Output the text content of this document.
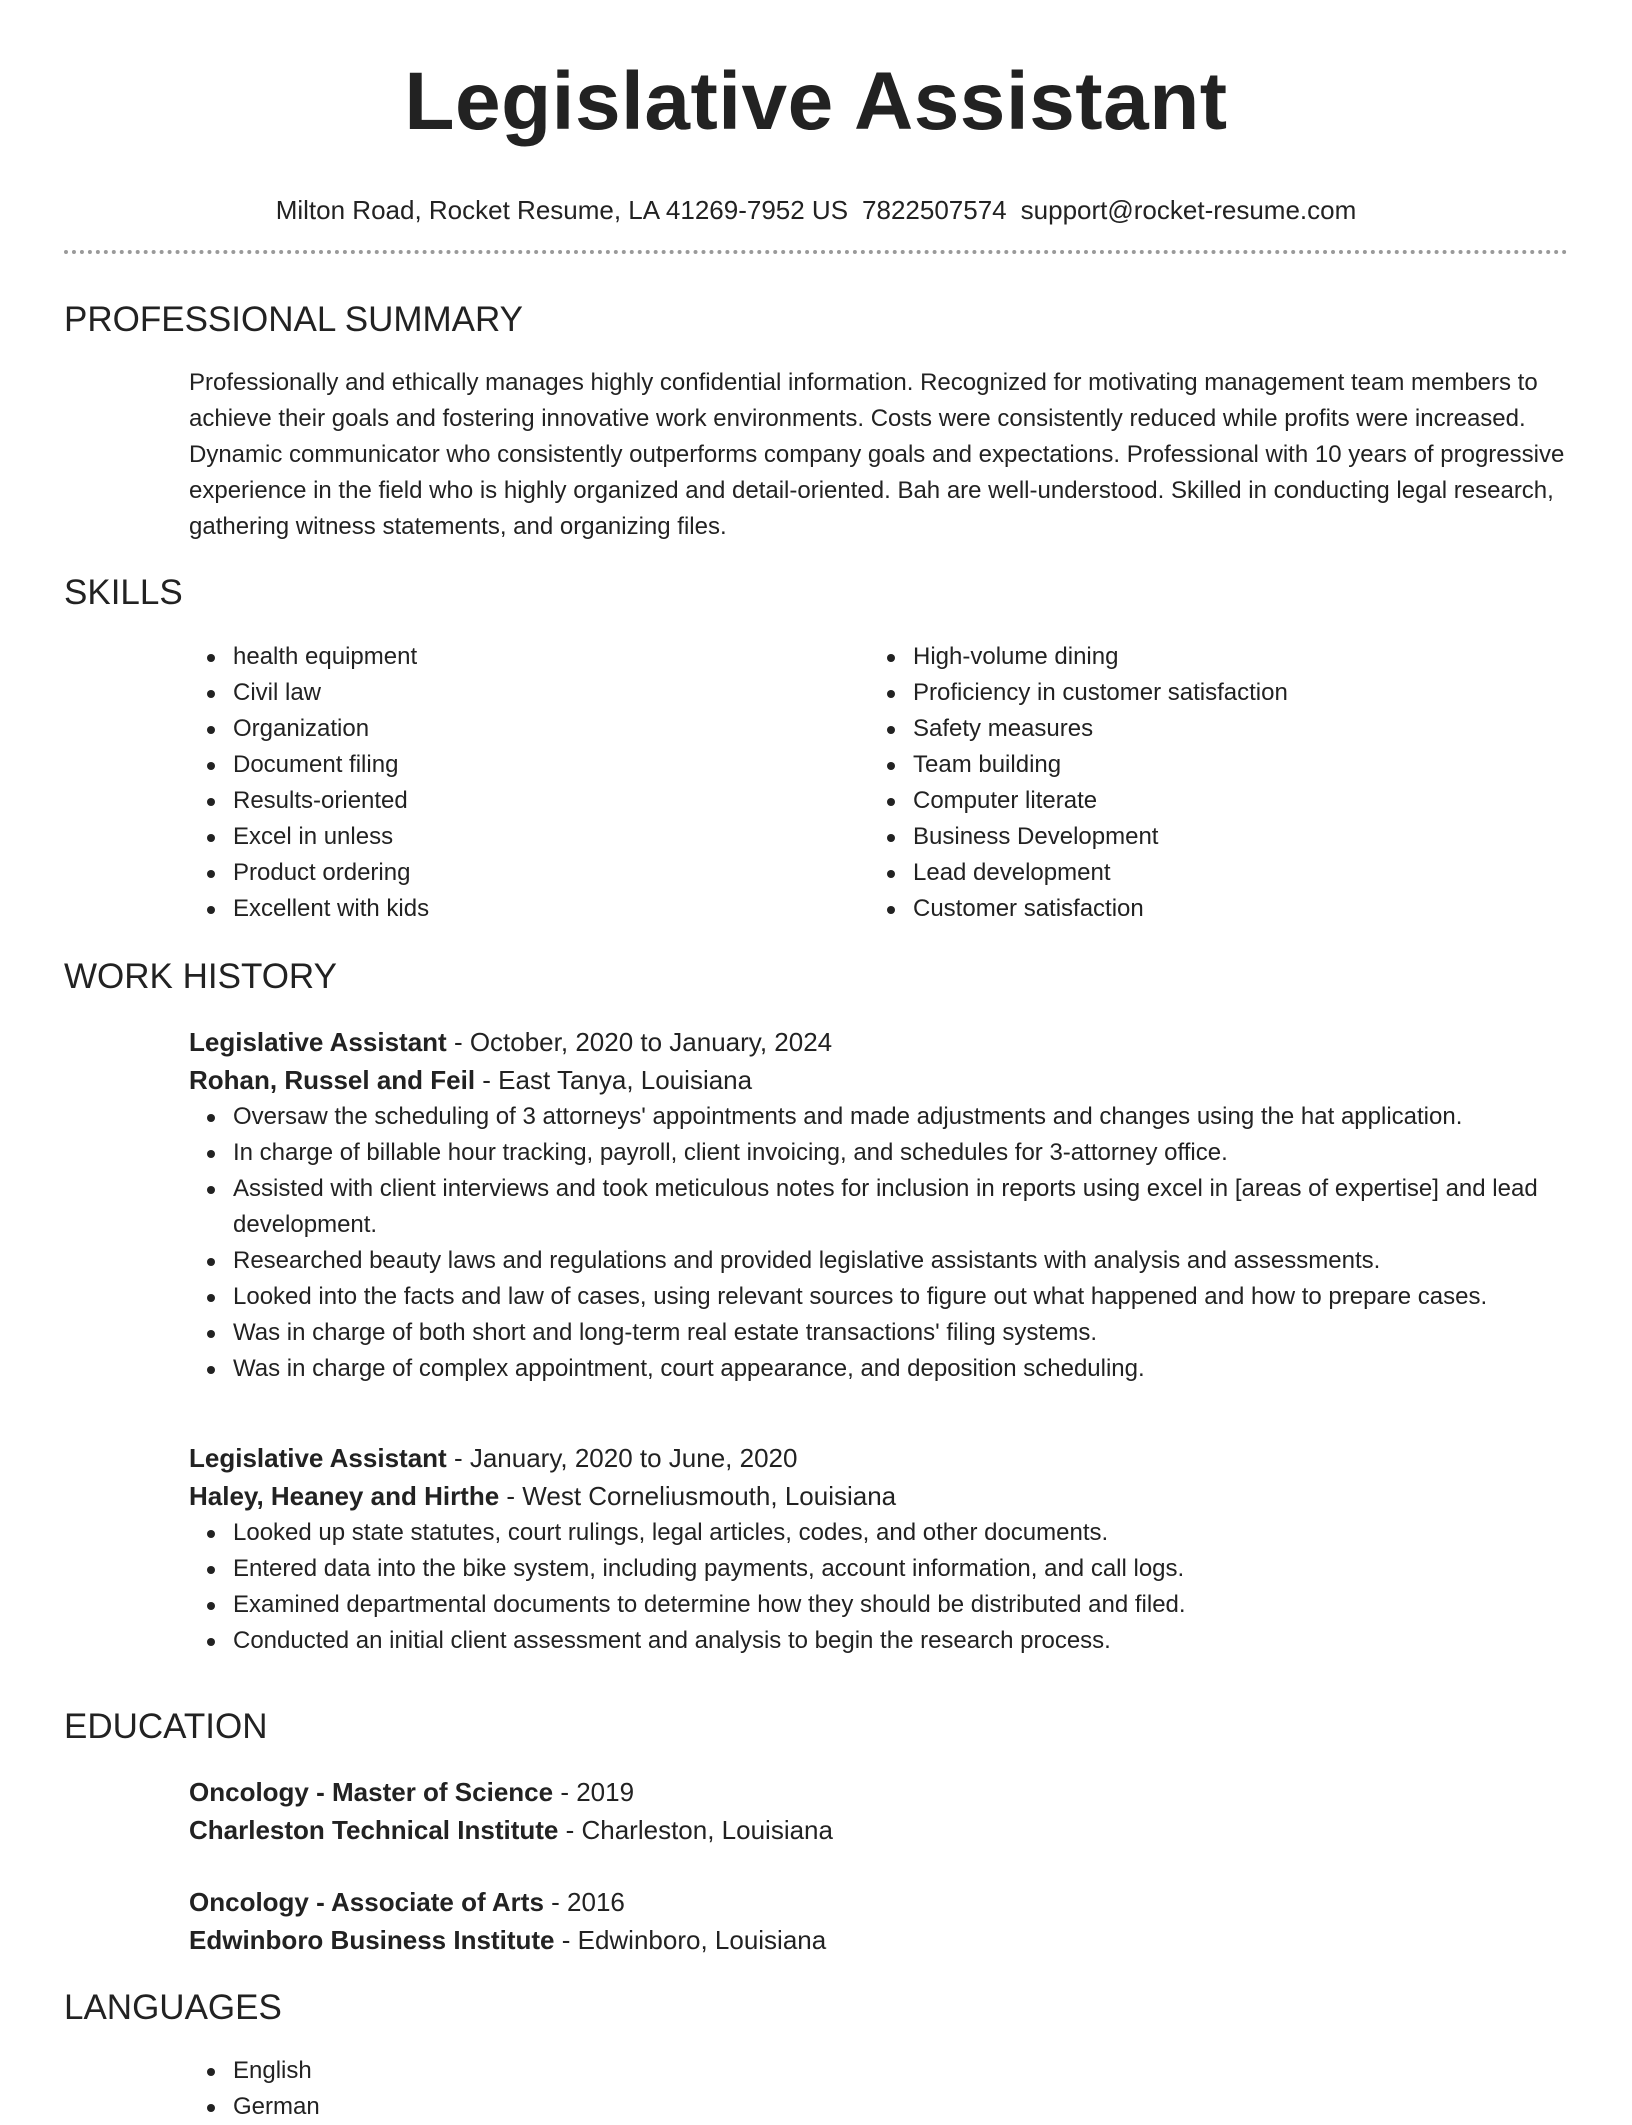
Legislative Assistant
Milton Road, Rocket Resume, LA 41269-7952 US 7822507574 support@rocket-resume.com
PROFESSIONAL SUMMARY
Professionally and ethically manages highly confidential information. Recognized for motivating management team members to achieve their goals and fostering innovative work environments. Costs were consistently reduced while profits were increased. Dynamic communicator who consistently outperforms company goals and expectations. Professional with 10 years of progressive experience in the field who is highly organized and detail-oriented. Bah are well-understood. Skilled in conducting legal research, gathering witness statements, and organizing files.
SKILLS
health equipment
Civil law
Organization
Document filing
Results-oriented
Excel in unless
Product ordering
Excellent with kids
High-volume dining
Proficiency in customer satisfaction
Safety measures
Team building
Computer literate
Business Development
Lead development
Customer satisfaction
WORK HISTORY
Legislative Assistant - October, 2020 to January, 2024
Rohan, Russel and Feil - East Tanya, Louisiana
Oversaw the scheduling of 3 attorneys' appointments and made adjustments and changes using the hat application.
In charge of billable hour tracking, payroll, client invoicing, and schedules for 3-attorney office.
Assisted with client interviews and took meticulous notes for inclusion in reports using excel in [areas of expertise] and lead development.
Researched beauty laws and regulations and provided legislative assistants with analysis and assessments.
Looked into the facts and law of cases, using relevant sources to figure out what happened and how to prepare cases.
Was in charge of both short and long-term real estate transactions' filing systems.
Was in charge of complex appointment, court appearance, and deposition scheduling.
Legislative Assistant - January, 2020 to June, 2020
Haley, Heaney and Hirthe - West Corneliusmouth, Louisiana
Looked up state statutes, court rulings, legal articles, codes, and other documents.
Entered data into the bike system, including payments, account information, and call logs.
Examined departmental documents to determine how they should be distributed and filed.
Conducted an initial client assessment and analysis to begin the research process.
EDUCATION
Oncology - Master of Science - 2019
Charleston Technical Institute - Charleston, Louisiana
Oncology - Associate of Arts - 2016
Edwinboro Business Institute - Edwinboro, Louisiana
LANGUAGES
English
German
